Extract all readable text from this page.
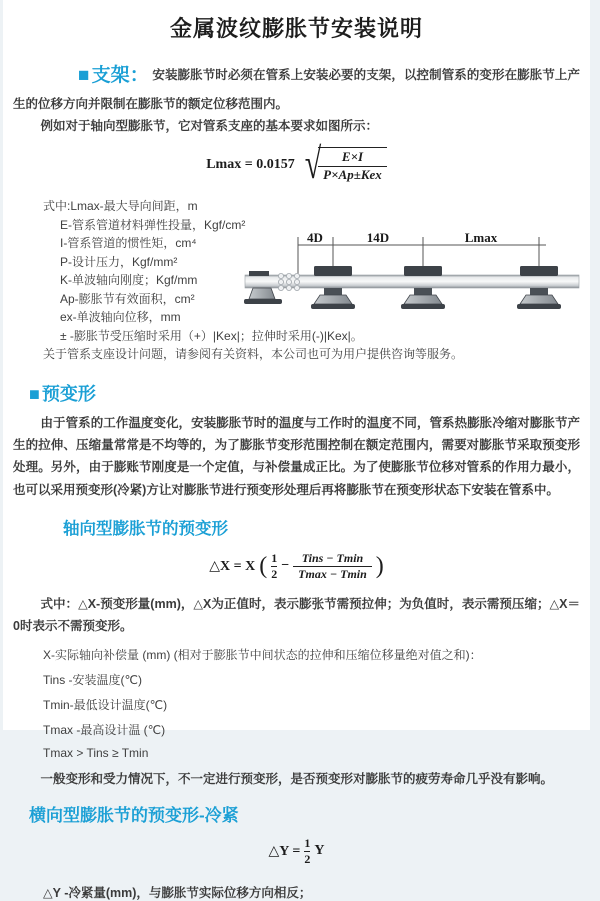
金属波纹膨胀节安装说明

■ 支架： 安装膨胀节时必须在管系上安装必要的支架，以控制管系的变形在膨胀节上产生的位移方向并限制在膨胀节的额定位移范围内。

例如对于轴向型膨胀节，它对管系支座的基本要求如图所示：

Lmax = 0.0157 √
$\frac{E\times I}{\text{P×Ap±Kex}}$

式中:Lmax-最大导向间距，m

E-管系管道材料弹性投量，Kgf/cm²
I-管系管道的惯性矩，cm⁴
P-设计压力，Kgf/mm²
K-单波轴向刚度；Kgf/mm
Ap-膨胀节有效面积，cm²
ex-单波轴向位移，mm
± -膨胀节受压缩时采用（+）|Kex|；拉伸时采用(-)|Kex|。

关于管系支座设计问题，请参阅有关资料，本公司也可为用户提供咨询等服务。

4D	14D	Lmax
■ 预变形

由于管系的工作温度变化，安装膨胀节时的温度与工作时的温度不同，管系热膨胀冷缩对膨胀节产生的拉伸、压缩量常常是不均等的，为了膨胀节变形范围控制在额定范围内，需要对膨胀节采取预变形处理。另外，由于膨账节刚度是一个定值，与补偿量成正比。为了使膨胀节位移对管系的作用力最小，也可以采用预变形(冷紧)方让对膨胀节进行预变形处理后再将膨胀节在预变形状态下安装在管系中。

轴向型膨胀节的预变形
△X = X ( $\frac{1}{2} - \frac{\text{Tins − Tmin}}{Tmax - Tmin}$ )

式中：△X-预变形量(mm)，△X为正值时，表示膨张节需预拉伸；为负值时，表示需预压缩；△X＝0时表示不需预变形。

X-实际轴向补偿量 (mm) (相对于膨胀节中间状态的拉伸和压缩位移量绝对值之和)：

Tins -安装温度(℃)

Tmin-最低设计温度(℃)

Tmax -最高设计温 (℃)

Tmax > Tins ≥ Tmin

一般变形和受力情况下，不一定进行预变形，是否预变形对膨胀节的疲劳寿命几乎没有影响。

横向型膨胀节的预变形-冷紧
△Y = $\frac{1}{2}$ Y

△Y -冷紧量(mm)，与膨胀节实际位移方向相反；
